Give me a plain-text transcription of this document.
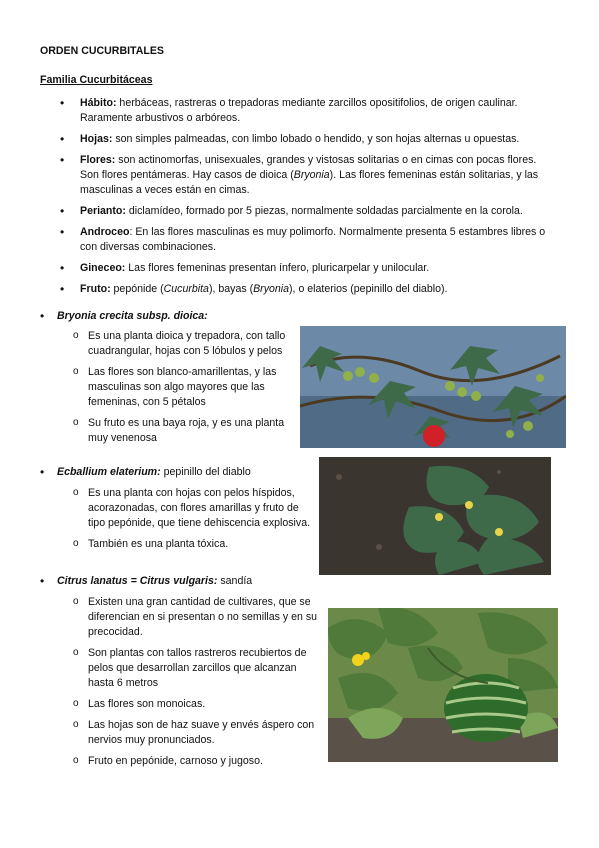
ORDEN CUCURBITALES
Familia Cucurbitáceas
• Hábito: herbáceas, rastreras o trepadoras mediante zarcillos opositifolios, de origen caulinar. Raramente arbustivos o arbóreos.
• Hojas: son simples palmeadas, con limbo lobado o hendido, y son hojas alternas u opuestas.
• Flores: son actinomorfas, unisexuales, grandes y vistosas solitarias o en cimas con pocas flores. Son flores pentámeras. Hay casos de dioica (Bryonia). Las flores femeninas están solitarias, y las masculinas a veces están en cimas.
• Perianto: diclamídeo, formado por 5 piezas, normalmente soldadas parcialmente en la corola.
• Androceo: En las flores masculinas es muy polimorfo. Normalmente presenta 5 estambres libres o con diversas combinaciones.
• Gineceo: Las flores femeninas presentan ínfero, pluricarpelar y unilocular.
• Fruto: pepónide (Cucurbita), bayas (Bryonia), o elaterios (pepinillo del diablo).
• Bryonia crecita subsp. dioica:
o Es una planta dioica y trepadora, con tallo cuadrangular, hojas con 5 lóbulos y pelos
o Las flores son blanco-amarillentas, y las masculinas son algo mayores que las femeninas, con 5 pétalos
o Su fruto es una baya roja, y es una planta muy venenosa
• Ecballium elaterium: pepinillo del diablo
o Es una planta con hojas con pelos híspidos, acorazonadas, con flores amarillas y fruto de tipo pepónide, que tiene dehiscencia explosiva.
o También es una planta tóxica.
• Citrus lanatus = Citrus vulgaris: sandía
o Existen una gran cantidad de cultivares, que se diferencian en si presentan o no semillas y en su precocidad.
o Son plantas con tallos rastreros recubiertos de pelos que desarrollan zarcillos que alcanzan hasta 6 metros
o Las flores son monoicas.
o Las hojas son de haz suave y envés áspero con nervios muy pronunciados.
o Fruto en pepónide, carnoso y jugoso.
